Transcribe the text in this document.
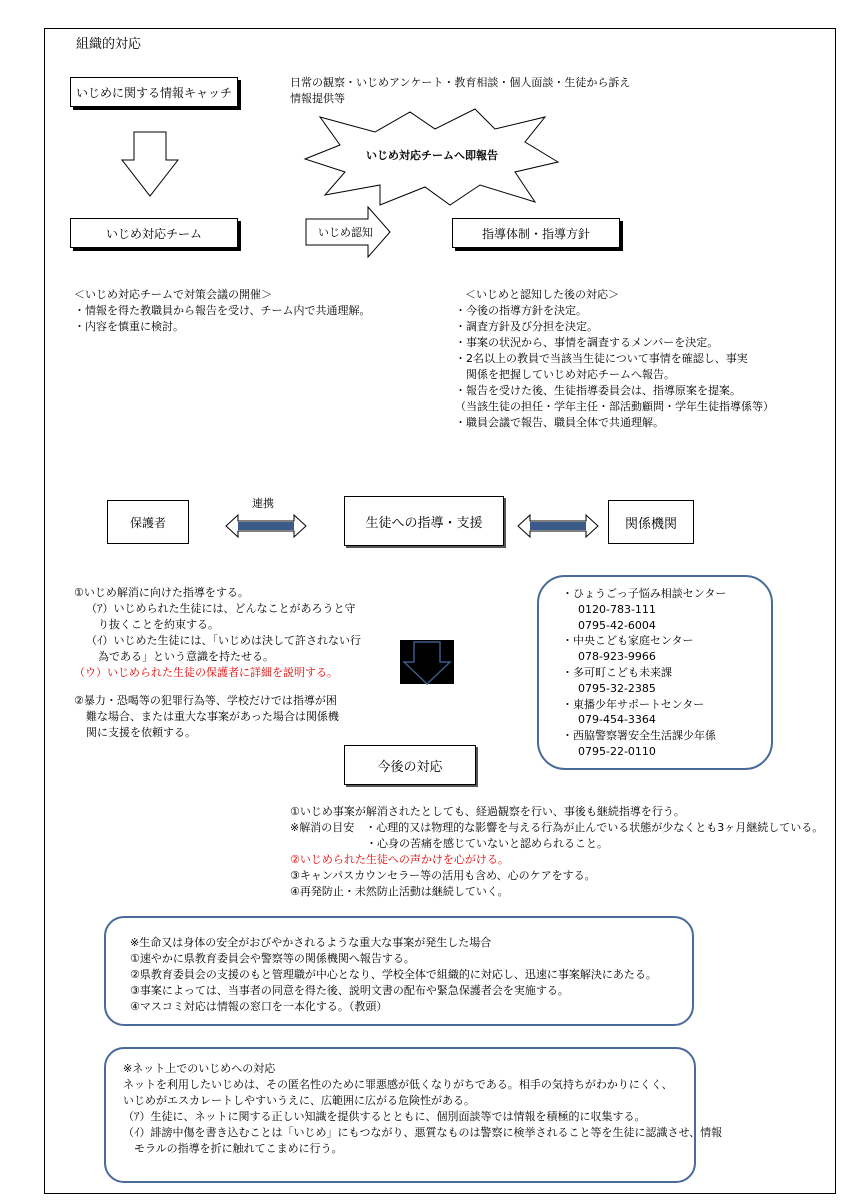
組織的対応
いじめに関する情報キャッチ
日常の観察・いじめアンケート・教育相談・個人面談・生徒から訴え
情報提供等
いじめ対応チームへ即報告
いじめ対応チーム	いじめ認知	指導体制・指導方針
＜いじめ対応チームで対策会議の開催＞
・情報を得た教職員から報告を受け、チーム内で共通理解。
・内容を慎重に検討。
＜いじめと認知した後の対応＞
・今後の指導方針を決定。
・調査方針及び分担を決定。
・事案の状況から、事情を調査するメンバーを決定。
・2名以上の教員で当該当生徒について事情を確認し、事実
　関係を把握していじめ対応チームへ報告。
・報告を受けた後、生徒指導委員会は、指導原案を提案。
（当該生徒の担任・学年主任・部活動顧問・学年生徒指導係等）
・職員会議で報告、職員全体で共通理解。
保護者
連携
生徒への指導・支援	関係機関
①いじめ解消に向けた指導をする。
（ｱ）いじめられた生徒には、どんなことがあろうと守
り抜くことを約束する。
（ｲ）いじめた生徒には、「いじめは決して許されない行
為である」という意識を持たせる。
（ウ）いじめられた生徒の保護者に詳細を説明する。
②暴力・恐喝等の犯罪行為等、学校だけでは指導が困
難な場合、または重大な事案があった場合は関係機
関に支援を依頼する。
・ひょうごっ子悩み相談センター
0120-783-111
0795-42-6004
・中央こども家庭センター
078-923-9966
・多可町こども未来課
0795-32-2385
・東播少年サポートセンター
079-454-3364
・西脇警察署安全生活課少年係
0795-22-0110
今後の対応
①いじめ事案が解消されたとしても、経過観察を行い、事後も継続指導を行う。
※解消の目安　・心理的又は物理的な影響を与える行為が止んでいる状態が少なくとも3ヶ月継続している。
・心身の苦痛を感じていないと認められること。
②いじめられた生徒への声かけを心がける。
③キャンパスカウンセラー等の活用も含め、心のケアをする。
④再発防止・未然防止活動は継続していく。
※生命又は身体の安全がおびやかされるような重大な事案が発生した場合
①速やかに県教育委員会や警察等の関係機関へ報告する。
②県教育委員会の支援のもと管理職が中心となり、学校全体で組織的に対応し、迅速に事案解決にあたる。
③事案によっては、当事者の同意を得た後、説明文書の配布や緊急保護者会を実施する。
④マスコミ対応は情報の窓口を一本化する。（教頭）
※ネット上でのいじめへの対応
ネットを利用したいじめは、その匿名性のために罪悪感が低くなりがちである。相手の気持ちがわかりにくく、
いじめがエスカレートしやすいうえに、広範囲に広がる危険性がある。
（ｱ）生徒に、ネットに関する正しい知識を提供するとともに、個別面談等では情報を積極的に収集する。
（ｲ）誹謗中傷を書き込むことは「いじめ」にもつながり、悪質なものは警察に検挙されること等を生徒に認識させ、情報
　モラルの指導を折に触れてこまめに行う。
